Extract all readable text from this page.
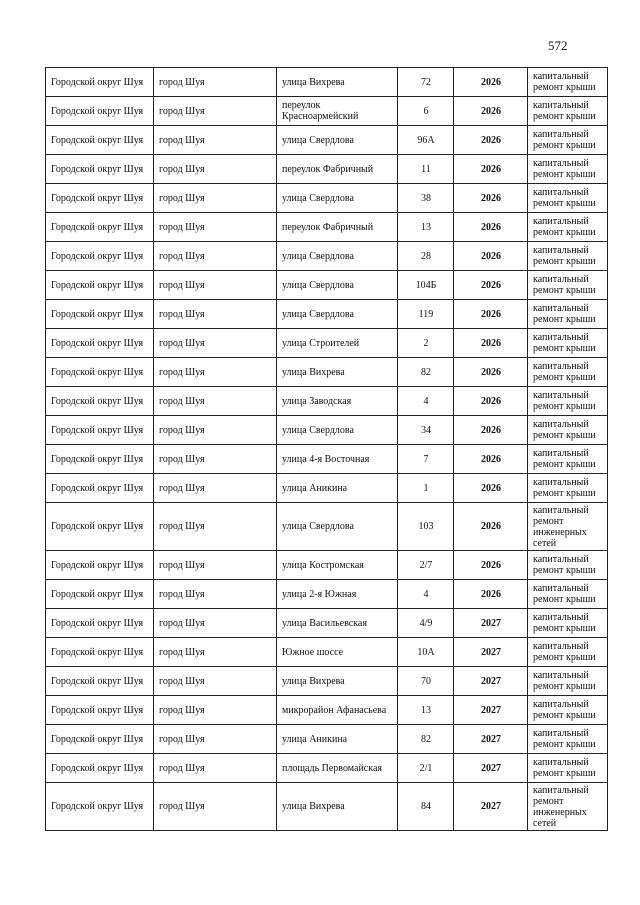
572
Городской округ Шуя	город Шуя	улица Вихрева	72	2026	капитальный ремонт крыши
Городской округ Шуя	город Шуя	переулок Красноармейский	6	2026	капитальный ремонт крыши
Городской округ Шуя	город Шуя	улица Свердлова	96А	2026	капитальный ремонт крыши
Городской округ Шуя	город Шуя	переулок Фабричный	11	2026	капитальный ремонт крыши
Городской округ Шуя	город Шуя	улица Свердлова	38	2026	капитальный ремонт крыши
Городской округ Шуя	город Шуя	переулок Фабричный	13	2026	капитальный ремонт крыши
Городской округ Шуя	город Шуя	улица Свердлова	28	2026	капитальный ремонт крыши
Городской округ Шуя	город Шуя	улица Свердлова	104Б	2026	капитальный ремонт крыши
Городской округ Шуя	город Шуя	улица Свердлова	119	2026	капитальный ремонт крыши
Городской округ Шуя	город Шуя	улица Строителей	2	2026	капитальный ремонт крыши
Городской округ Шуя	город Шуя	улица Вихрева	82	2026	капитальный ремонт крыши
Городской округ Шуя	город Шуя	улица Заводская	4	2026	капитальный ремонт крыши
Городской округ Шуя	город Шуя	улица Свердлова	34	2026	капитальный ремонт крыши
Городской округ Шуя	город Шуя	улица 4-я Восточная	7	2026	капитальный ремонт крыши
Городской округ Шуя	город Шуя	улица Аникина	1	2026	капитальный ремонт крыши
Городской округ Шуя	город Шуя	улица Свердлова	103	2026	капитальный ремонт инженерных сетей
Городской округ Шуя	город Шуя	улица Костромская	2/7	2026	капитальный ремонт крыши
Городской округ Шуя	город Шуя	улица 2-я Южная	4	2026	капитальный ремонт крыши
Городской округ Шуя	город Шуя	улица Васильевская	4/9	2027	капитальный ремонт крыши
Городской округ Шуя	город Шуя	Южное шоссе	10А	2027	капитальный ремонт крыши
Городской округ Шуя	город Шуя	улица Вихрева	70	2027	капитальный ремонт крыши
Городской округ Шуя	город Шуя	микрорайон Афанасьева	13	2027	капитальный ремонт крыши
Городской округ Шуя	город Шуя	улица Аникина	82	2027	капитальный ремонт крыши
Городской округ Шуя	город Шуя	площадь Первомайская	2/1	2027	капитальный ремонт крыши
Городской округ Шуя	город Шуя	улица Вихрева	84	2027	капитальный ремонт инженерных сетей
